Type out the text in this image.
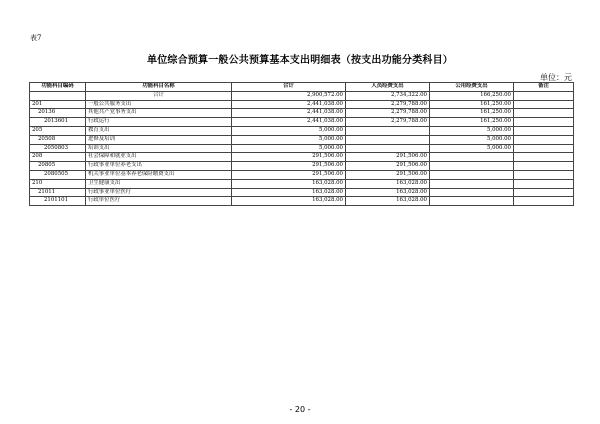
表7
单位综合预算一般公共预算基本支出明细表（按支出功能分类科目）
单位：元
功能科目编码	功能科目名称	合计	人员经费支出	公用经费支出	备注
	合计	2,900,572.00	2,734,322.00	166,250.00	
201	一般公共服务支出	2,441,038.00	2,279,788.00	161,250.00	
20136	其他共产党事务支出	2,441,038.00	2,279,788.00	161,250.00	
2013601	行政运行	2,441,038.00	2,279,788.00	161,250.00	
205	教育支出	5,000.00		5,000.00	
20508	进修及培训	5,000.00		5,000.00	
2050803	培训支出	5,000.00		5,000.00	
208	社会保障和就业支出	291,506.00	291,506.00		
20805	行政事业单位养老支出	291,506.00	291,506.00		
2080505	机关事业单位基本养老保险缴费支出	291,506.00	291,506.00		
210	卫生健康支出	163,028.00	163,028.00		
21011	行政事业单位医疗	163,028.00	163,028.00		
2101101	行政单位医疗	163,028.00	163,028.00		
- 20 -
